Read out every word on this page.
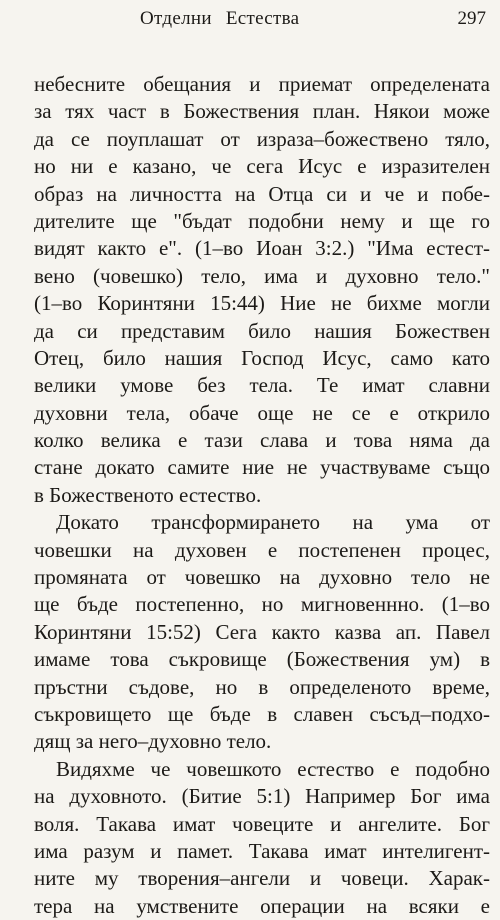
Отделни Естества	297

небесните обещания и приемат определената
за тях част в Божествения план. Някои може
да се поуплашат от израза–божествено тяло,
но ни е казано, че сега Исус е изразителен
образ на личността на Отца си и че и побе-
дителите ще "бъдат подобни нему и ще го
видят както е". (1–во Иоан 3:2.) "Има естест-
вено (човешко) тело, има и духовно тело."
(1–во Коринтяни 15:44) Ние не бихме могли
да си представим било нашия Божествен
Отец, било нашия Господ Исус, само като
велики умове без тела. Те имат славни
духовни тела, обаче още не се е открило
колко велика е тази слава и това няма да
стане докато самите ние не участвуваме също
в Божественото естество.

Докато трансформирането на ума от
човешки на духовен е постепенен процес,
промяната от човешко на духовно тело не
ще бъде постепенно, но мигновеннно. (1–во
Коринтяни 15:52) Сега както казва ап. Павел
имаме това съкровище (Божествения ум) в
пръстни съдове, но в определеното време,
съкровището ще бъде в славен съсъд–подхо-
дящ за него–духовно тело.

Видяхме че човешкото естество е подобно
на духовното. (Битие 5:1) Например Бог има
воля. Такава имат човеците и ангелите. Бог
има разум и памет. Такава имат интелигент-
ните му творения–ангели и човеци. Харак-
тера на умствените операции на всяки е
